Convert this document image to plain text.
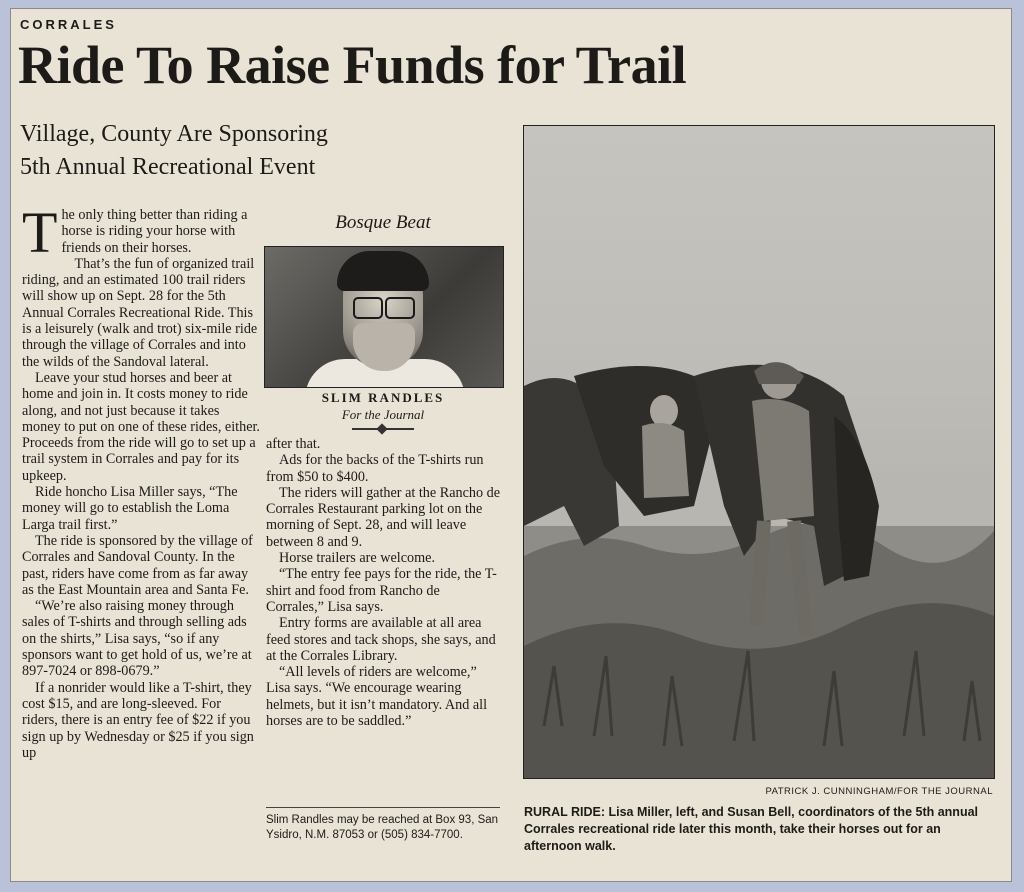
CORRALES
Ride To Raise Funds for Trail
Village, County Are Sponsoring
5th Annual Recreational Event

The only thing better than riding a horse is riding your horse with friends on their horses.

That’s the fun of organized trail riding, and an estimated 100 trail riders will show up on Sept. 28 for the 5th Annual Corrales Recreational Ride. This is a leisurely (walk and trot) six-mile ride through the village of Corrales and into the wilds of the Sandoval lateral.

Leave your stud horses and beer at home and join in. It costs money to ride along, and not just because it takes money to put on one of these rides, either. Proceeds from the ride will go to set up a trail system in Corrales and pay for its upkeep.

Ride honcho Lisa Miller says, “The money will go to establish the Loma Larga trail first.”

The ride is sponsored by the village of Corrales and Sandoval County. In the past, riders have come from as far away as the East Mountain area and Santa Fe.

“We’re also raising money through sales of T-shirts and through selling ads on the shirts,” Lisa says, “so if any sponsors want to get hold of us, we’re at 897-7024 or 898-0679.”

If a nonrider would like a T-shirt, they cost $15, and are long-sleeved. For riders, there is an entry fee of $22 if you sign up by Wednesday or $25 if you sign up

Bosque Beat
SLIM RANDLES
For the Journal

after that.

Ads for the backs of the T-shirts run from $50 to $400.

The riders will gather at the Rancho de Corrales Restaurant parking lot on the morning of Sept. 28, and will leave between 8 and 9.

Horse trailers are welcome.

“The entry fee pays for the ride, the T-shirt and food from Rancho de Corrales,” Lisa says.

Entry forms are available at all area feed stores and tack shops, she says, and at the Corrales Library.

“All levels of riders are welcome,” Lisa says. “We encourage wearing helmets, but it isn’t mandatory. And all horses are to be saddled.”

Slim Randles may be reached at Box 93, San Ysidro, N.M. 87053 or (505) 834-7700.
PATRICK J. CUNNINGHAM/FOR THE JOURNAL
RURAL RIDE: Lisa Miller, left, and Susan Bell, coordinators of the 5th annual Corrales recreational ride later this month, take their horses out for an afternoon walk.
